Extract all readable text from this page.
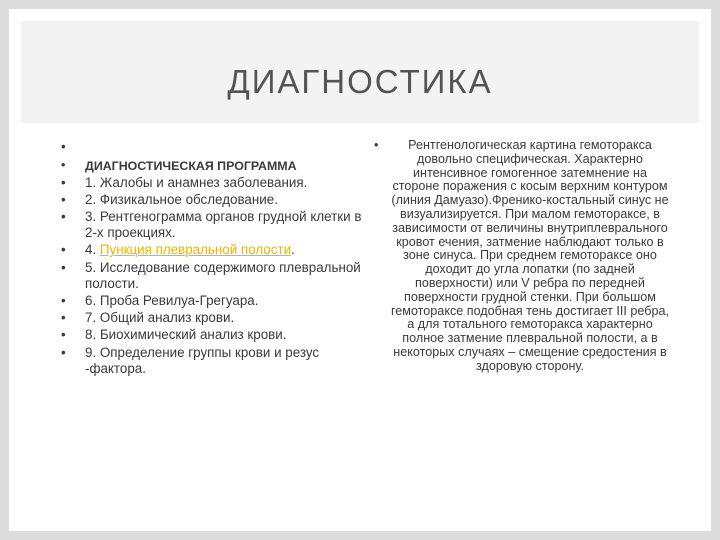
ДИАГНОСТИКА
•
• ДИАГНОСТИЧЕСКАЯ ПРОГРАММА
• 1. Жалобы и анамнез заболевания.
• 2. Физикальное обследование.
• 3. Рентгенограмма органов грудной клетки в 2-х проекциях.
• 4. Пункция плевральной полости.
• 5. Исследование содержимого плевральной полости.
• 6. Проба Ревилуа-Грегуара.
• 7. Общий анализ крови.
• 8. Биохимический анализ крови.
• 9. Определение группы крови и резус -фактора.
• Рентгенологическая картина гемоторакса довольно специфическая. Характерно интенсивное гомогенное затемнение на стороне поражения с косым верхним контуром (линия Дамуазо).Френико-костальный синус не визуализируется. При малом гемотораксе, в зависимости от величины внутриплеврального кровот ечения, затмение наблюдают только в зоне синуса. При среднем гемотораксе оно доходит до угла лопатки (по задней поверхности) или V ребра по передней поверхности грудной стенки. При большом гемотораксе подобная тень достигает III ребра, а для тотального гемоторакса характерно полное затмение плевральной полости, а в некоторых случаях – смещение средостения в здоровую сторону.
